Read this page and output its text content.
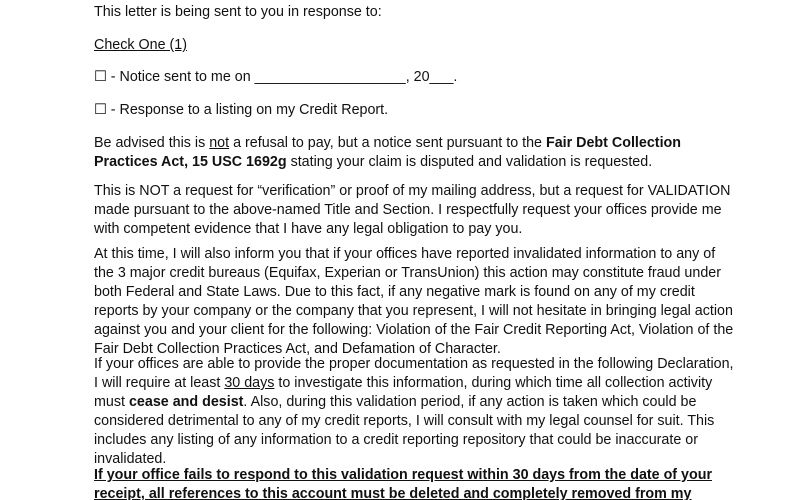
This letter is being sent to you in response to:

Check One (1)

☐ - Notice sent to me on ___________________, 20___.

☐ - Response to a listing on my Credit Report.

Be advised this is not a refusal to pay, but a notice sent pursuant to the Fair Debt Collection Practices Act, 15 USC 1692g stating your claim is disputed and validation is requested.

This is NOT a request for “verification” or proof of my mailing address, but a request for VALIDATION made pursuant to the above-named Title and Section. I respectfully request your offices provide me with competent evidence that I have any legal obligation to pay you.

At this time, I will also inform you that if your offices have reported invalidated information to any of the 3 major credit bureaus (Equifax, Experian or TransUnion) this action may constitute fraud under both Federal and State Laws. Due to this fact, if any negative mark is found on any of my credit reports by your company or the company that you represent, I will not hesitate in bringing legal action against you and your client for the following: Violation of the Fair Credit Reporting Act, Violation of the Fair Debt Collection Practices Act, and Defamation of Character.

If your offices are able to provide the proper documentation as requested in the following Declaration, I will require at least 30 days to investigate this information, during which time all collection activity must cease and desist. Also, during this validation period, if any action is taken which could be considered detrimental to any of my credit reports, I will consult with my legal counsel for suit. This includes any listing of any information to a credit reporting repository that could be inaccurate or invalidated.

If your office fails to respond to this validation request within 30 days from the date of your receipt, all references to this account must be deleted and completely removed from my
